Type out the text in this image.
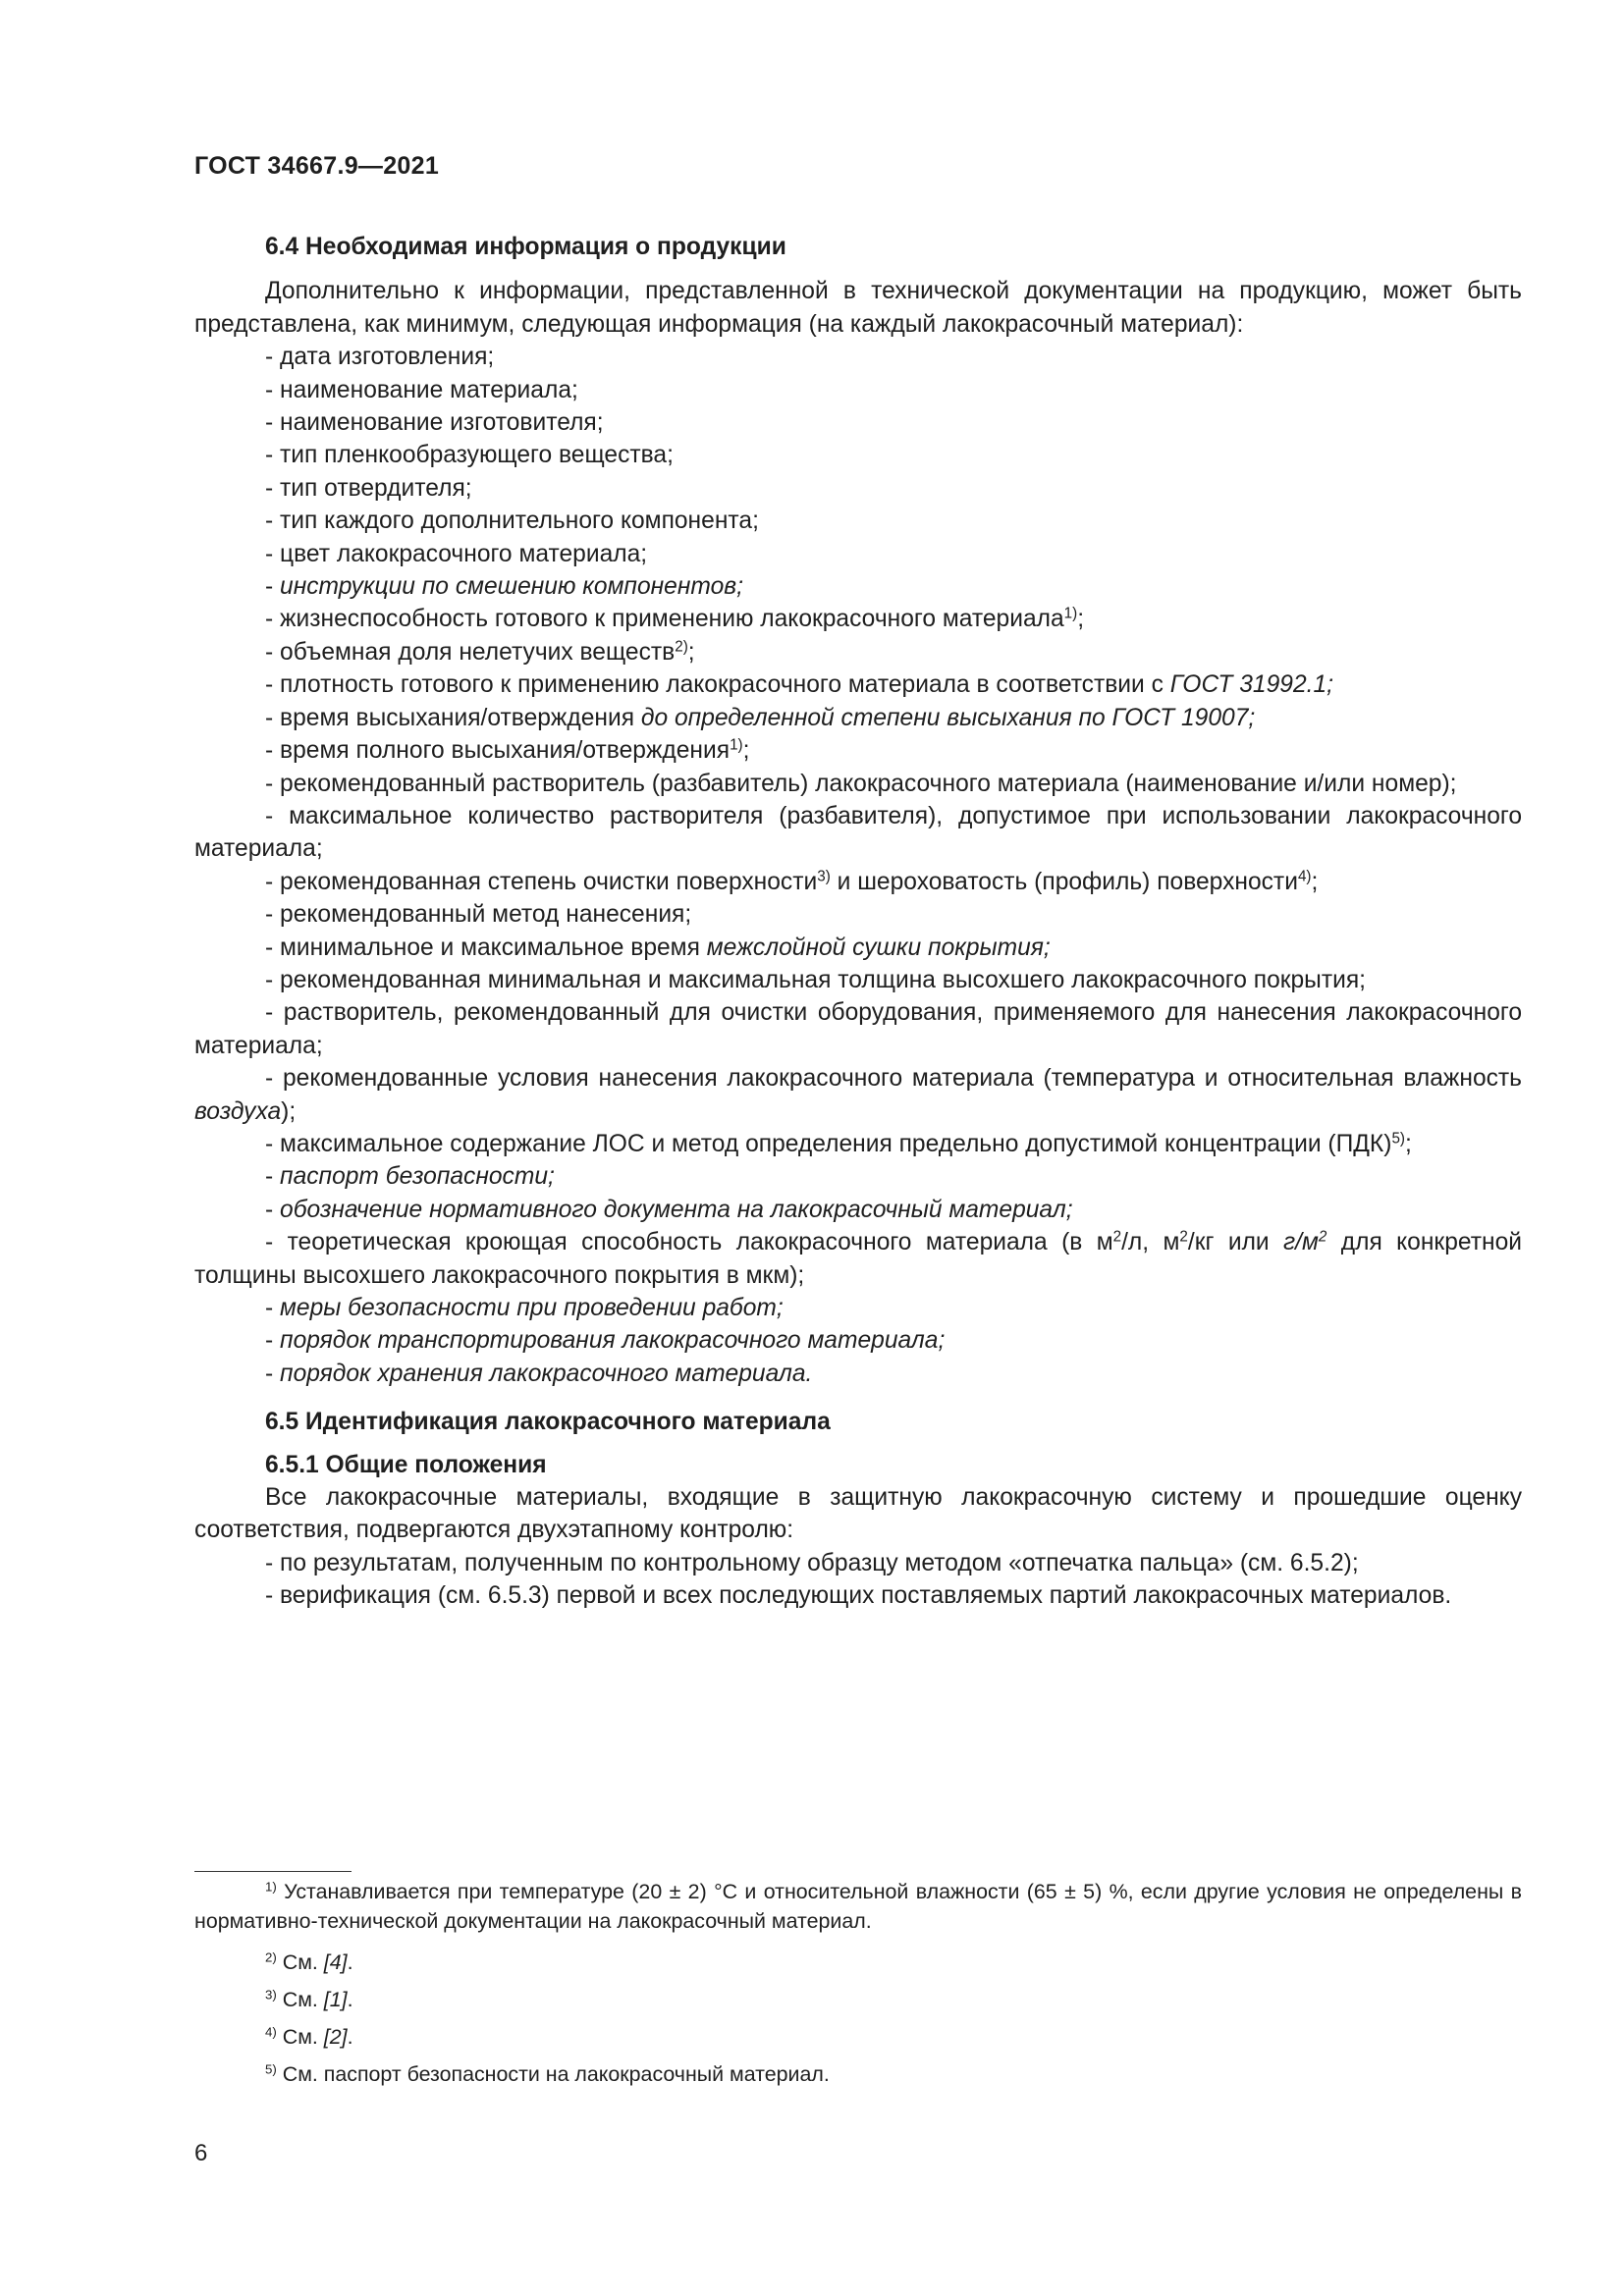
ГОСТ 34667.9—2021

6.4 Необходимая информация о продукции

Дополнительно к информации, представленной в технической документации на продукцию, может быть представлена, как минимум, следующая информация (на каждый лакокрасочный материал):

- дата изготовления;

- наименование материала;

- наименование изготовителя;

- тип пленкообразующего вещества;

- тип отвердителя;

- тип каждого дополнительного компонента;

- цвет лакокрасочного материала;

- инструкции по смешению компонентов;

- жизнеспособность готового к применению лакокрасочного материала$^{1)}$;

- объемная доля нелетучих веществ$^{2)}$;

- плотность готового к применению лакокрасочного материала в соответствии с ГОСТ 31992.1;

- время высыхания/отверждения до определенной степени высыхания по ГОСТ 19007;

- время полного высыхания/отверждения$^{1)}$;

- рекомендованный растворитель (разбавитель) лакокрасочного материала (наименование и/или номер);

- максимальное количество растворителя (разбавителя), допустимое при использовании лакокрасочного материала;

- рекомендованная степень очистки поверхности$^{3)}$ и шероховатость (профиль) поверхности$^{4)}$;

- рекомендованный метод нанесения;

- минимальное и максимальное время межслойной сушки покрытия;

- рекомендованная минимальная и максимальная толщина высохшего лакокрасочного покрытия;

- растворитель, рекомендованный для очистки оборудования, применяемого для нанесения лакокрасочного материала;

- рекомендованные условия нанесения лакокрасочного материала (температура и относительная влажность воздуха);

- максимальное содержание ЛОС и метод определения предельно допустимой концентрации (ПДК)$^{5)}$;

- паспорт безопасности;

- обозначение нормативного документа на лакокрасочный материал;

- теоретическая кроющая способность лакокрасочного материала (в $м^2/л$, $м^2/кг$ или $г/м^2$ для конкретной толщины высохшего лакокрасочного покрытия в мкм);

- меры безопасности при проведении работ;

- порядок транспортирования лакокрасочного материала;

- порядок хранения лакокрасочного материала.

6.5 Идентификация лакокрасочного материала

6.5.1 Общие положения

Все лакокрасочные материалы, входящие в защитную лакокрасочную систему и прошедшие оценку соответствия, подвергаются двухэтапному контролю:

- по результатам, полученным по контрольному образцу методом «отпечатка пальца» (см. 6.5.2);

- верификация (см. 6.5.3) первой и всех последующих поставляемых партий лакокрасочных материалов.

$^{1)}$ Устанавливается при температуре (20 ± 2) °С и относительной влажности (65 ± 5) %, если другие условия не определены в нормативно-технической документации на лакокрасочный материал.

$^{2)}$ См. [4].

$^{3)}$ См. [1].

$^{4)}$ См. [2].

$^{5)}$ См. паспорт безопасности на лакокрасочный материал.

6
